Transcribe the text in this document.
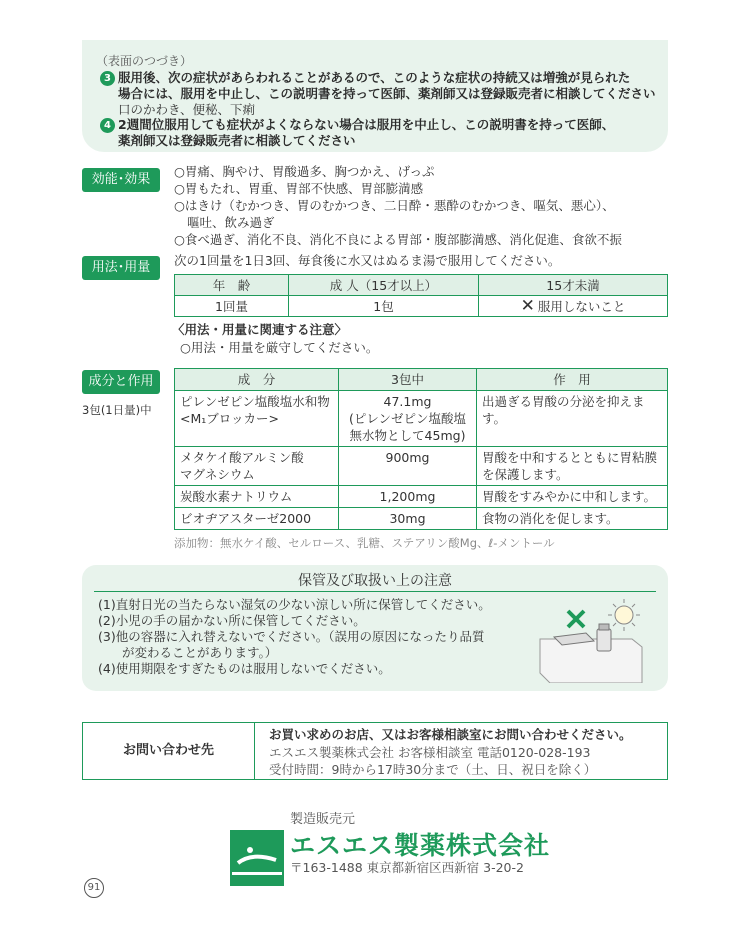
（表面のつづき）
3 服用後、次の症状があらわれることがあるので、このような症状の持続又は増強が見られた
場合には、服用を中止し、この説明書を持って医師、薬剤師又は登録販売者に相談してください
口のかわき、便秘、下痢
4 2週間位服用しても症状がよくならない場合は服用を中止し、この説明書を持って医師、
薬剤師又は登録販売者に相談してください
効能･効果
○胃痛、胸やけ、胃酸過多、胸つかえ、げっぷ
○胃もたれ、胃重、胃部不快感、胃部膨満感
○はきけ（むかつき、胃のむかつき、二日酔・悪酔のむかつき、嘔気、悪心）、
嘔吐、飲み過ぎ
○食べ過ぎ、消化不良、消化不良による胃部・腹部膨満感、消化促進、食欲不振
用法･用量	次の1回量を1日3回、毎食後に水又はぬるま湯で服用してください。
年　齢	成 人（15才以上）	15才未満
1回量	1包	✕ 服用しないこと
〈用法・用量に関連する注意〉
○用法・用量を厳守してください。
成分と作用
3包(1日量)中
成　分	3包中	作　用
ピレンゼピン塩酸塩水和物
<M₁ブロッカー>	47.1mg
(ピレンゼピン塩酸塩
無水物として45mg)	出過ぎる胃酸の分泌を抑えます。
メタケイ酸アルミン酸
マグネシウム	900mg	胃酸を中和するとともに胃粘膜を保護します。
炭酸水素ナトリウム	1,200mg	胃酸をすみやかに中和します。
ビオヂアスターゼ2000	30mg	食物の消化を促します。
添加物：無水ケイ酸、セルロース、乳糖、ステアリン酸Mg、ℓ-メントール
保管及び取扱い上の注意
(1)直射日光の当たらない湿気の少ない涼しい所に保管してください。
(2)小児の手の届かない所に保管してください。
(3)他の容器に入れ替えないでください。（誤用の原因になったり品質
が変わることがあります。）
(4)使用期限をすぎたものは服用しないでください。
お問い合わせ先
お買い求めのお店、又はお客様相談室にお問い合わせください。
エスエス製薬株式会社 お客様相談室 電話0120-028-193
受付時間：9時から17時30分まで（土、日、祝日を除く）
製造販売元
エスエス製薬株式会社
〒163-1488 東京都新宿区西新宿 3-20-2
91
